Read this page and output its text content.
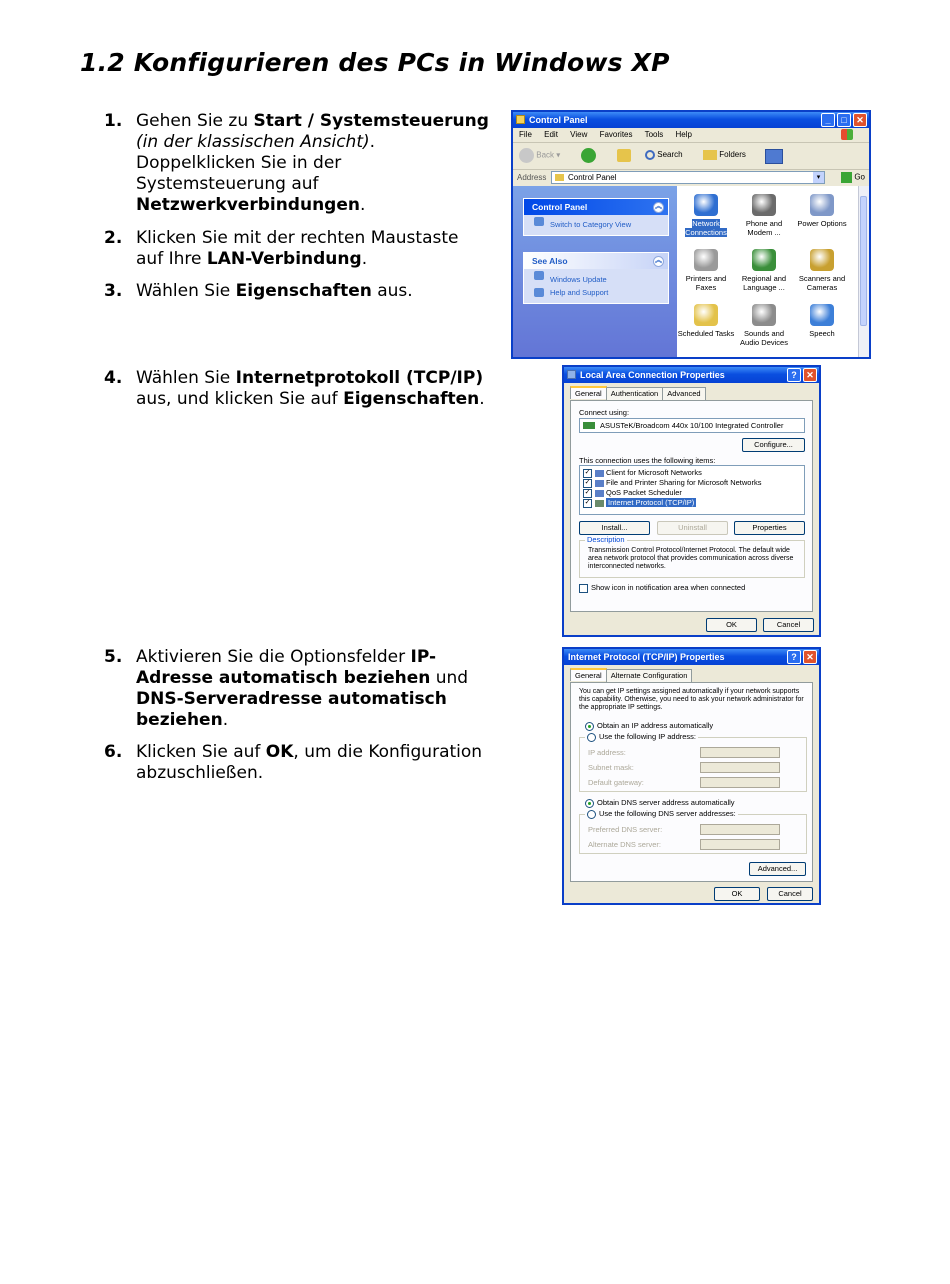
1.2 Konfigurieren des PCs in Windows XP
1. Gehen Sie zu Start / Systemsteuerung (in der klassischen Ansicht). Doppelklicken Sie in der Systemsteuerung auf Netzwerkverbindungen.
2. Klicken Sie mit der rechten Maustaste auf Ihre LAN-Verbindung.
3. Wählen Sie Eigenschaften aus.
4. Wählen Sie Internetprotokoll (TCP/IP) aus, und klicken Sie auf Eigenschaften.
5. Aktivieren Sie die Optionsfelder IP-Adresse automatisch beziehen und DNS-Serveradresse automatisch beziehen.
6. Klicken Sie auf OK, um die Konfiguration abzuschließen.
Control Panel	_	□	✕
File Edit View Favorites Tools Help
Back ▾	Search	Folders
Address	Control Panel	▾	Go
Control Panel	︽
Switch to Category View
See Also	︽
Windows Update
Help and Support
Network Connections
Phone and Modem ...
Power Options
Printers and Faxes
Regional and Language ...
Scanners and Cameras
Scheduled Tasks	Sounds and Audio Devices
Speech
Local Area Connection Properties	?	✕
General	Authentication	Advanced
Connect using:
ASUSTeK/Broadcom 440x 10/100 Integrated Controller
Configure...
This connection uses the following items:
✓ Client for Microsoft Networks
✓ File and Printer Sharing for Microsoft Networks
✓ QoS Packet Scheduler
✓ Internet Protocol (TCP/IP)
Install...	Uninstall	Properties
Description
Transmission Control Protocol/Internet Protocol. The default wide area network protocol that provides communication across diverse interconnected networks.
Show icon in notification area when connected
OK	Cancel
Internet Protocol (TCP/IP) Properties	?	✕
General	Alternate Configuration
You can get IP settings assigned automatically if your network supports this capability. Otherwise, you need to ask your network administrator for the appropriate IP settings.
Obtain an IP address automatically
Use the following IP address:
IP address:
Subnet mask:
Default gateway:
Obtain DNS server address automatically
Use the following DNS server addresses:
Preferred DNS server:
Alternate DNS server:
Advanced...
OK	Cancel
